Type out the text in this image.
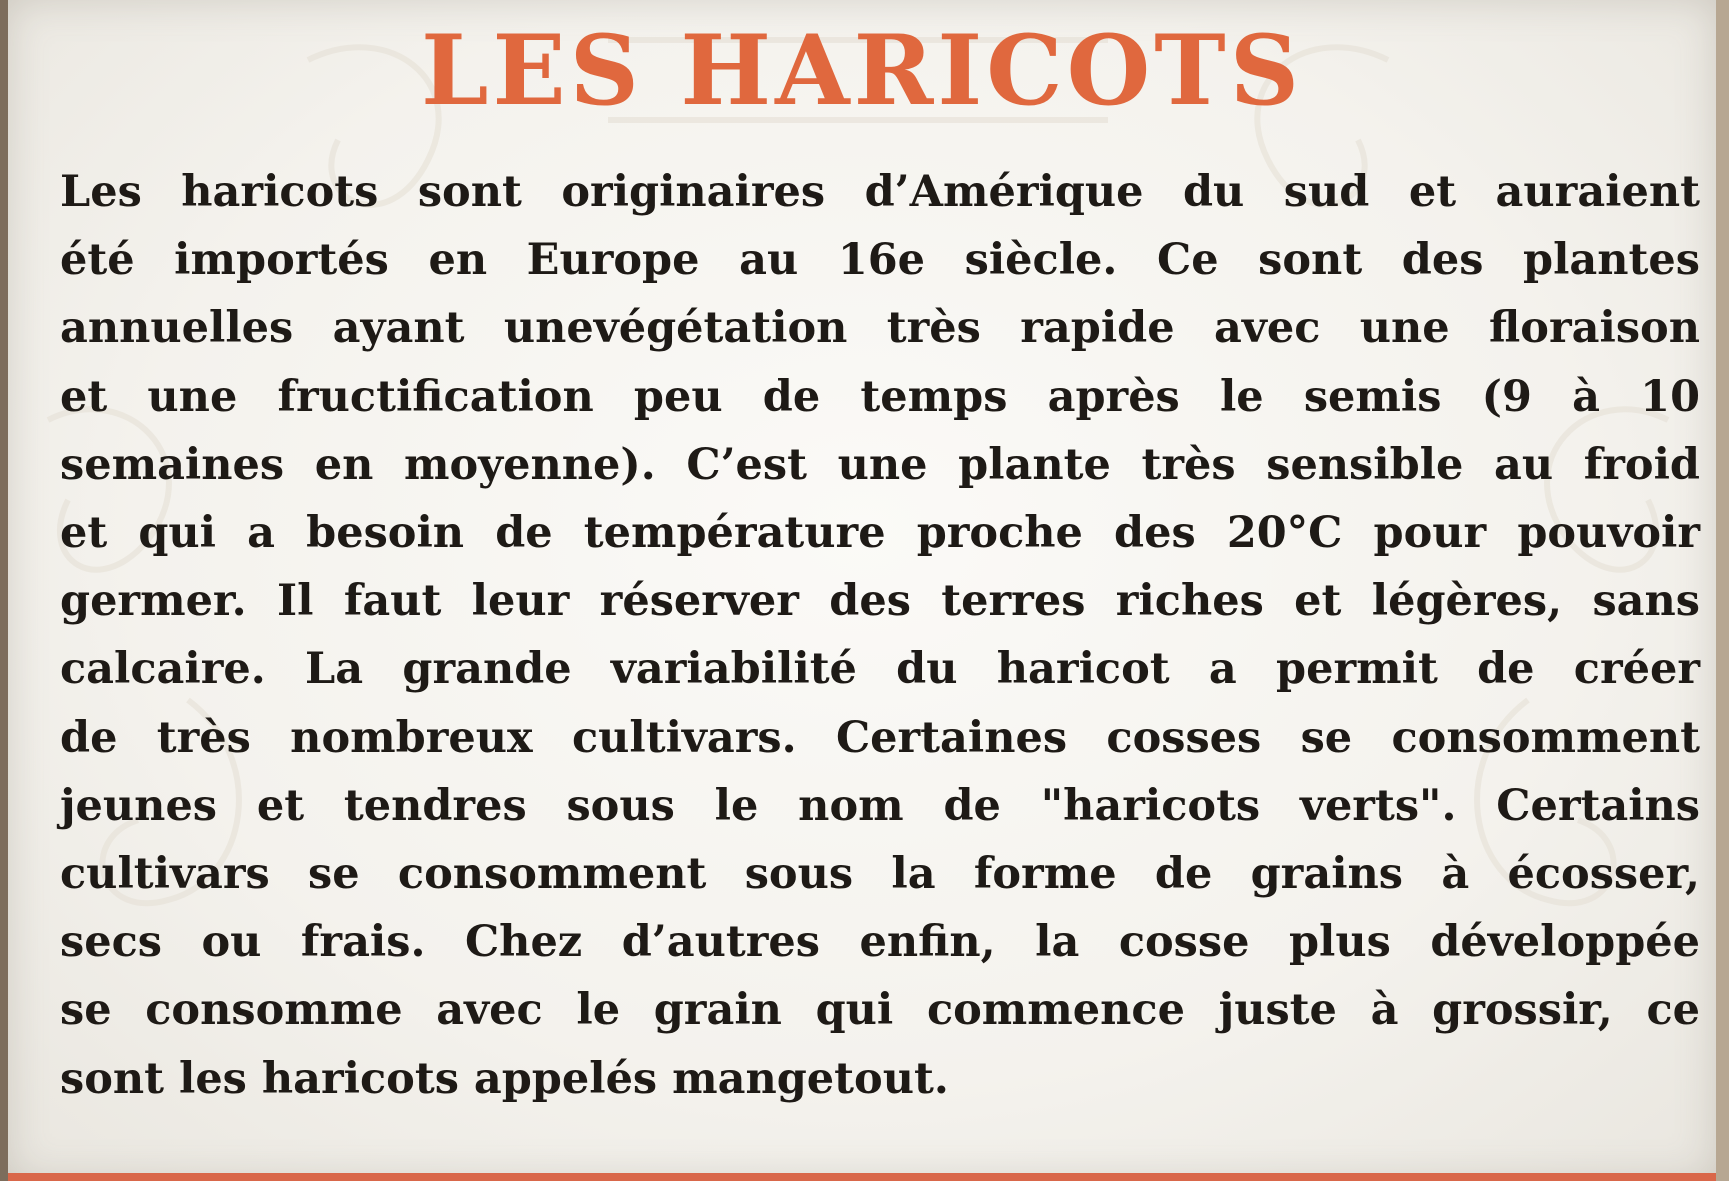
LES HARICOTS
Les haricots sont originaires d’Amérique du sud et auraient
été importés en Europe au 16e siècle. Ce sont des plantes
annuelles ayant unevégétation très rapide avec une floraison
et une fructification peu de temps après le semis (9 à 10
semaines en moyenne). C’est une plante très sensible au froid
et qui a besoin de température proche des 20°C pour pouvoir
germer. Il faut leur réserver des terres riches et légères, sans
calcaire. La grande variabilité du haricot a permit de créer
de très nombreux cultivars. Certaines cosses se consomment
jeunes et tendres sous le nom de "haricots verts". Certains
cultivars se consomment sous la forme de grains à écosser,
secs ou frais. Chez d’autres enfin, la cosse plus développée
se consomme avec le grain qui commence juste à grossir, ce
sont les haricots appelés mangetout.
